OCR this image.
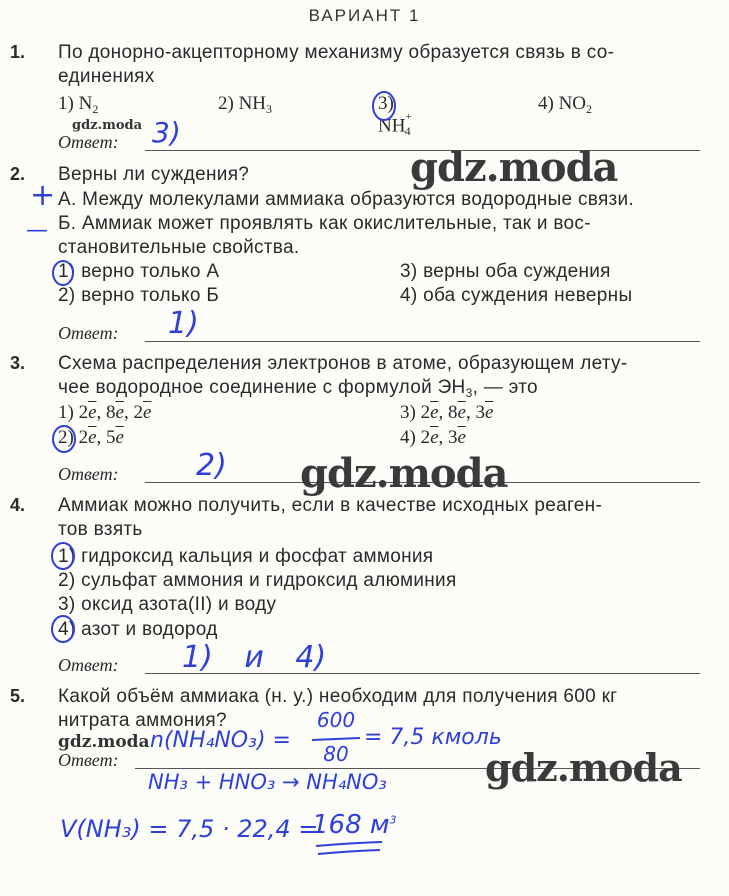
ВАРИАНТ 1
1. По донорно-акцепторному механизму образуется связь в со-
единениях
1) $N_2$	2) $NH_3$	3) $NH^+_4$
4) $NO_2$
gdz.moda
Ответ: 3)
gdz.moda
2. Верны ли суждения?
+ А. Между молекулами аммиака образуются водородные связи.
— Б. Аммиак может проявлять как окислительные, так и вос-
становительные свойства.
1) верно только А
2) верно только Б
3) верны оба суждения
4) оба суждения неверны
Ответ: 1)
3. Схема распределения электронов в атоме, образующем лету-
чее водородное соединение с формулой $ЭН_3$, — это
1) $2\overline{e}$, $8\overline{e}$, $2\overline{e}$
2) $2\overline{e}$, $5\overline{e}$
3) $2\overline{e}$, $8\overline{e}$, $3\overline{e}$
4) $2\overline{e}$, $3\overline{e}$
Ответ:	2) gdz.moda
4. Аммиак можно получить, если в качестве исходных реаген-
тов взять
1) гидроксид кальция и фосфат аммония
2) сульфат аммония и гидроксид алюминия
3) оксид азота(II) и воду
4) азот и водород
Ответ: 1) и 4)
5. Какой объём аммиака (н. у.) необходим для получения 600 кг
нитрата аммония?
gdz.moda
Ответ:
n(NH₄NO₃) =
600
80
= 7,5 кмоль
gdz.moda
NH₃ + HNO₃ → NH₄NO₃
V(NH₃) = 7,5 · 22,4 =
168 $м^3$
